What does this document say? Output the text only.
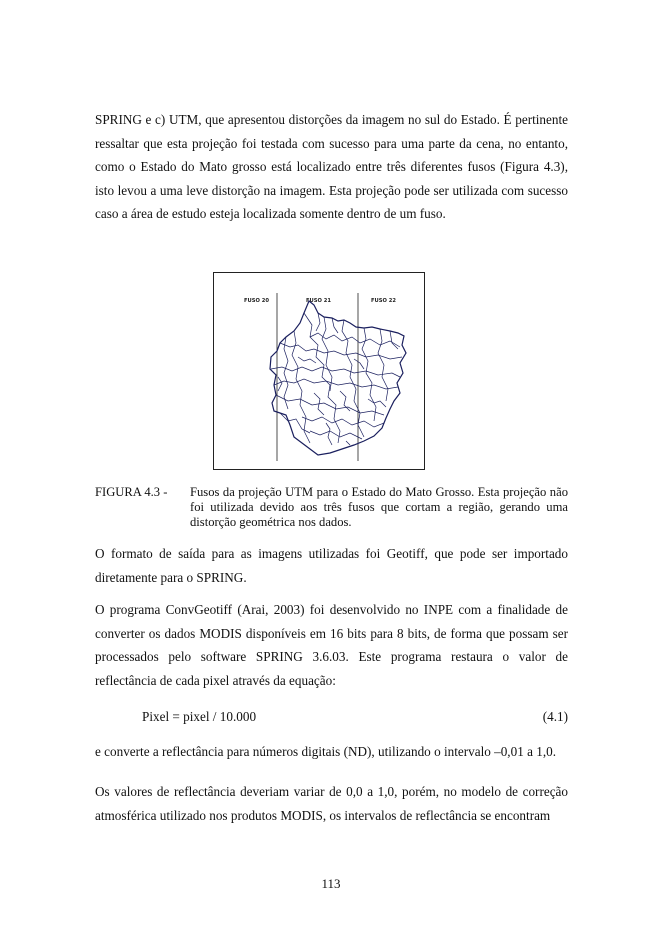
SPRING e c) UTM, que apresentou distorções da imagem no sul do Estado. É pertinente ressaltar que esta projeção foi testada com sucesso para uma parte da cena, no entanto, como o Estado do Mato grosso está localizado entre três diferentes fusos (Figura 4.3), isto levou a uma leve distorção na imagem. Esta projeção pode ser utilizada com sucesso caso a área de estudo esteja localizada somente dentro de um fuso.

FUSO 20	FUSO 21	FUSO 22
FIGURA 4.3 - Fusos da projeção UTM para o Estado do Mato Grosso. Esta projeção não foi utilizada devido aos três fusos que cortam a região, gerando uma distorção geométrica nos dados.

O formato de saída para as imagens utilizadas foi Geotiff, que pode ser importado diretamente para o SPRING.

O programa ConvGeotiff (Arai, 2003) foi desenvolvido no INPE com a finalidade de converter os dados MODIS disponíveis em 16 bits para 8 bits, de forma que possam ser processados pelo software SPRING 3.6.03. Este programa restaura o valor de reflectância de cada pixel através da equação:

Pixel = pixel / 10.000	(4.1)

e converte a reflectância para números digitais (ND), utilizando o intervalo –0,01 a 1,0.

Os valores de reflectância deveriam variar de 0,0 a 1,0, porém, no modelo de correção atmosférica utilizado nos produtos MODIS, os intervalos de reflectância se encontram

113
